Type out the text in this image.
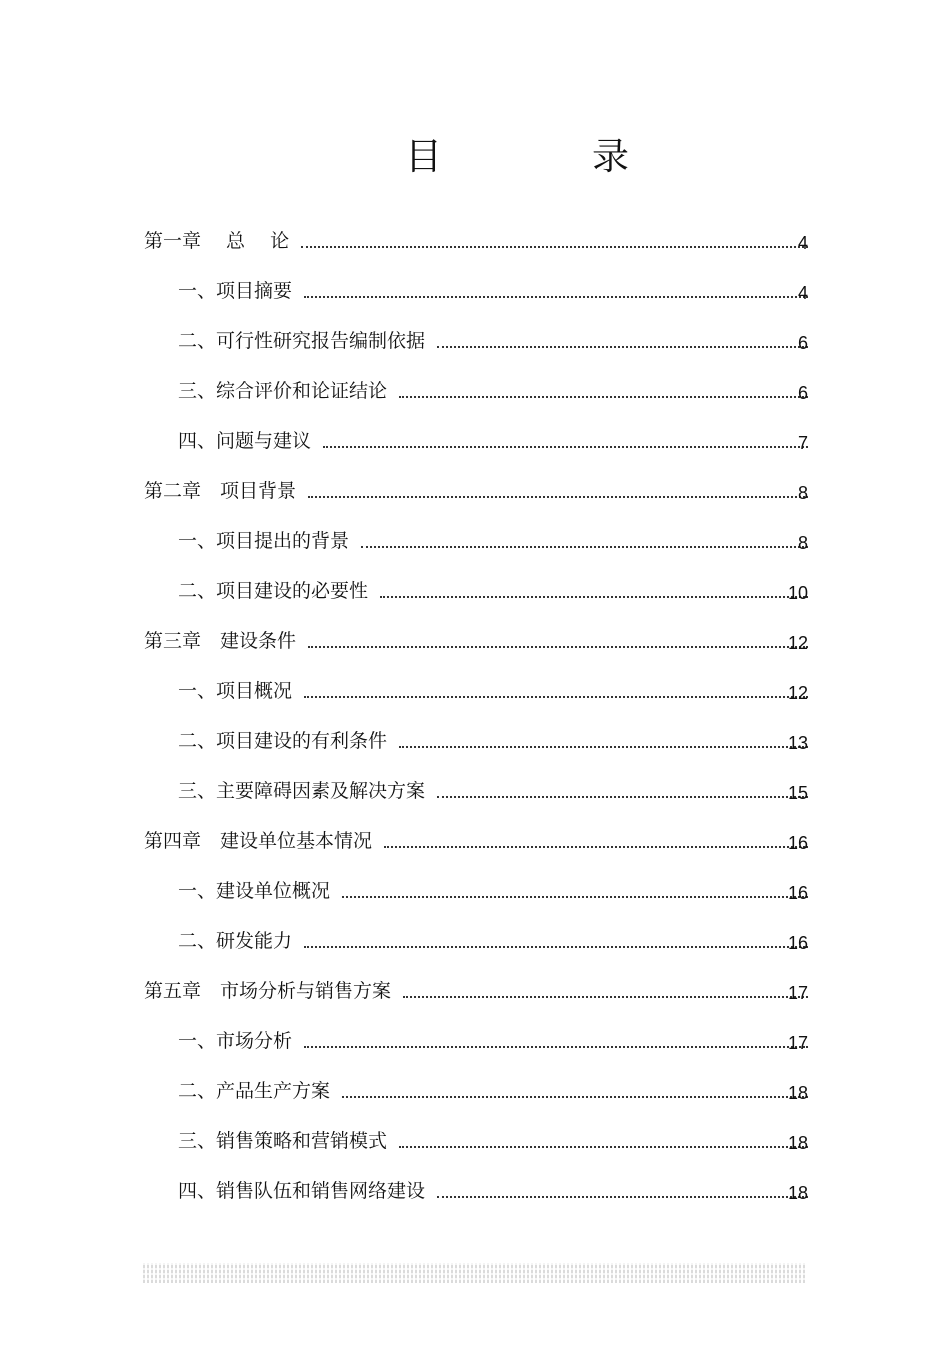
目	录
第一章　 总　 论	4
一、项目摘要	4
二、可行性研究报告编制依据	6
三、综合评价和论证结论	6
四、问题与建议	7
第二章　项目背景	8
一、项目提出的背景	8
二、项目建设的必要性	10
第三章　建设条件	12
一、项目概况	12
二、项目建设的有利条件	13
三、主要障碍因素及解决方案	15
第四章　建设单位基本情况	16
一、建设单位概况	16
二、研发能力	16
第五章　市场分析与销售方案	17
一、市场分析	17
二、产品生产方案	18
三、销售策略和营销模式	18
四、销售队伍和销售网络建设	18
